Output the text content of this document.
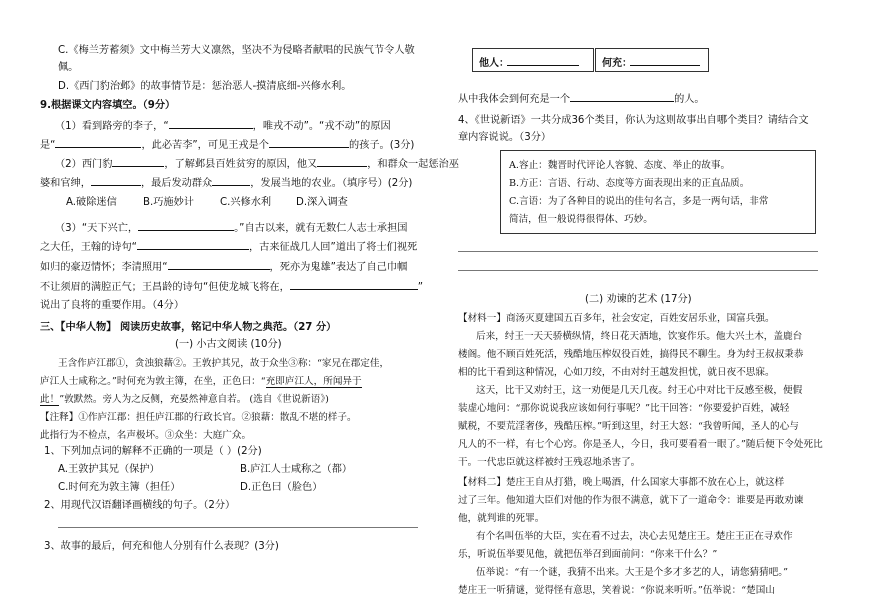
C.《梅兰芳蓄须》文中梅兰芳大义凛然，坚决不为侵略者献唱的民族气节令人敬
佩。
D.《西门豹治邺》的故事情节是：惩治恶人-摸清底细-兴修水利。
9.根据课文内容填空。（9分）
（1）看到路旁的李子，“	，唯戎不动”。“戎不动”的原因
是“	，此必苦李”，可见王戎是个	的孩子。(3分)
（2）西门豹	，了解邺县百姓贫穷的原因，他又	，和群众一起惩治巫
婆和官绅，	，最后发动群众	，发展当地的农业。（填序号）(2分)
A.破除迷信	B.巧施妙计	C.兴修水利 D.深入调查
（3）“天下兴亡，	。”自古以来，就有无数仁人志士承担国
之大任，王翰的诗句“	，古来征战几人回”道出了将士们视死
如归的豪迈情怀；李清照用“	，死亦为鬼雄”表达了自己巾帼
不让须眉的满腔正气；王昌龄的诗句“但使龙城飞将在，	”
说出了良将的重要作用。（4分）
三、【中华人物】 阅读历史故事，铭记中华人物之典范。（27 分）
(一) 小古文阅读 (10分)
王含作庐江郡①，贪浊狼藉②。王敦护其兄，故于众坐③称：“家兄在郡定佳，
庐江人士咸称之。”时何充为敦主簿，在坐，正色曰：“充即庐江人，所闻异于
此！”敦默然。旁人为之反侧，充晏然神意自若。 (选自《世说新语》)
【注释】①作庐江郡：担任庐江郡的行政长官。②狼藉：散乱不堪的样子。
此指行为不检点，名声极坏。③众坐：大庭广众。
1、下列加点词的解释不正确的一项是（ ）(2分)
A.王敦护其兄（保护）	B.庐江人士咸称之（都）
C.时何充为敦主簿（担任）	D.正色曰（脸色）
2、用现代汉语翻译画横线的句子。（2分）
3、故事的最后，何充和他人分别有什么表现？(3分)
他人：	何充：
从中我体会到何充是一个	的人。
4、《世说新语》一共分成36个类目，你认为这则故事出自哪个类目？请结合文
章内容说说。（3分）
A.容止：魏晋时代评论人容貌、态度、举止的故事。
B.方正：言语、行动、态度等方面表现出来的正直品质。
C.言语：为了各种目的说出的佳句名言，多是一两句话，非常
简洁，但一般说得很得体、巧妙。
(二) 劝谏的艺术 (17分)
【材料一】商汤灭夏建国五百多年，社会安定，百姓安居乐业，国富兵强。
后来，纣王一天天骄横纵情，终日花天酒地，饮宴作乐。他大兴土木，盖鹿台
楼阁。他不顾百姓死活，残酷地压榨奴役百姓，搞得民不聊生。身为纣王叔叔秉恭
相的比干看到这种情况，心如刀绞，不由对纣王越发担忧，就日夜不思寐。
这天，比干又劝纣王，这一劝便是几天几夜。纣王心中对比干反感至极，便假
装虚心地问：“那你说说我应该如何行事呢？”比干回答：“你要爱护百姓，减轻
赋税，不要荒淫奢侈，残酷压榨。”听到这里，纣王大怒：“我曾听闻，圣人的心与
凡人的不一样，有七个心窍。你是圣人，今日，我可要看看一眼了。”随后便下令处死比
干。一代忠臣就这样被纣王残忍地杀害了。
【材料二】楚庄王自从打猎，晚上喝酒，什么国家大事都不放在心上，就这样
过了三年。他知道大臣们对他的作为很不满意，就下了一道命令：谁要是再敢劝谏
他，就判谁的死罪。
有个名叫伍举的大臣，实在看不过去，决心去见楚庄王。楚庄王正在寻欢作
乐，听说伍举要见他，就把伍举召到面前问：“你来干什么？”
伍举说：“有一个谜，我猜不出来。大王是个多才多艺的人，请您猜猜吧。”
楚庄王一听猜谜，觉得怪有意思，笑着说：“你说来听听。”伍举说：“楚国山
